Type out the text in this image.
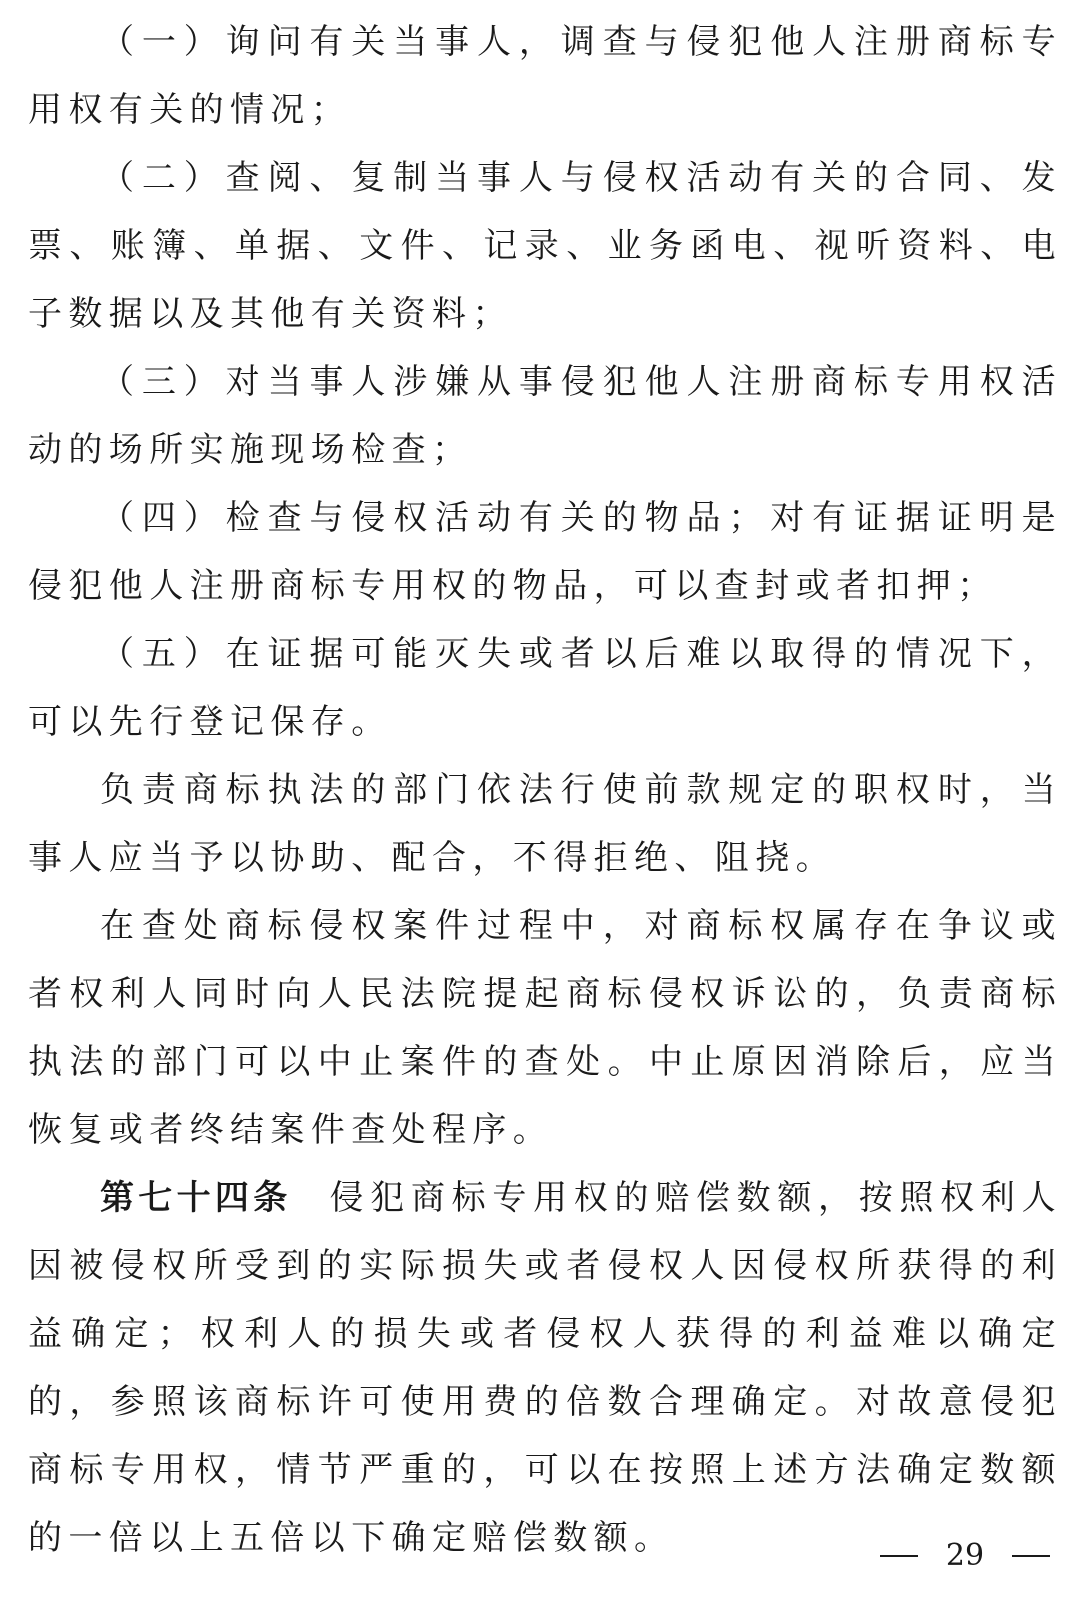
（一）询问有关当事人，调查与侵犯他人注册商标专用权有关的情况；

（二）查阅、复制当事人与侵权活动有关的合同、发票、账簿、单据、文件、记录、业务函电、视听资料、电子数据以及其他有关资料；

（三）对当事人涉嫌从事侵犯他人注册商标专用权活动的场所实施现场检查；

（四）检查与侵权活动有关的物品；对有证据证明是侵犯他人注册商标专用权的物品，可以查封或者扣押；

（五）在证据可能灭失或者以后难以取得的情况下，可以先行登记保存。

负责商标执法的部门依法行使前款规定的职权时，当事人应当予以协助、配合，不得拒绝、阻挠。

在查处商标侵权案件过程中，对商标权属存在争议或者权利人同时向人民法院提起商标侵权诉讼的，负责商标执法的部门可以中止案件的查处。中止原因消除后，应当恢复或者终结案件查处程序。

第七十四条 侵犯商标专用权的赔偿数额，按照权利人因被侵权所受到的实际损失或者侵权人因侵权所获得的利益确定；权利人的损失或者侵权人获得的利益难以确定的，参照该商标许可使用费的倍数合理确定。对故意侵犯商标专用权，情节严重的，可以在按照上述方法确定数额的一倍以上五倍以下确定赔偿数额。	29
